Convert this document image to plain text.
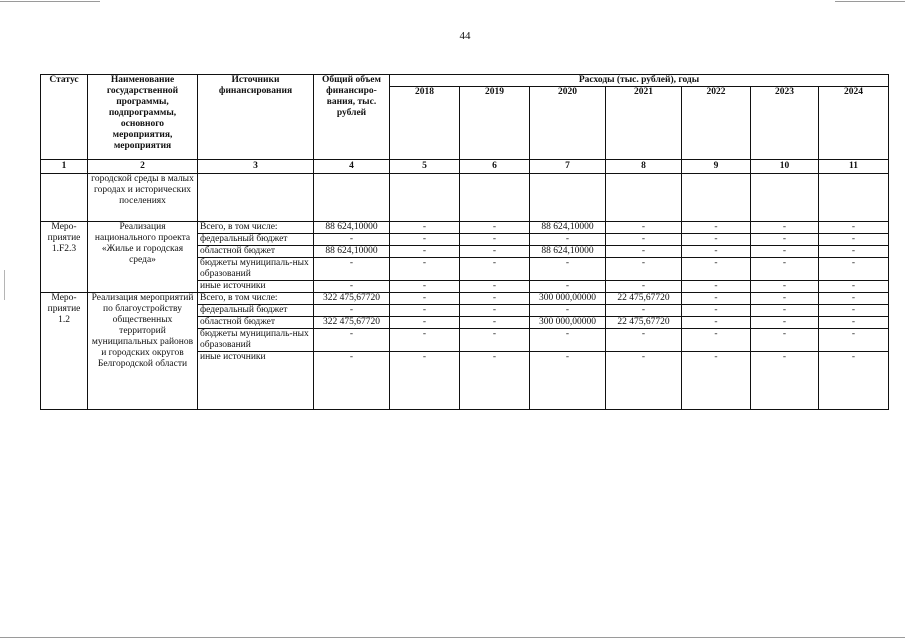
44
Статус	Наименование государственной программы, подпрограммы, основного мероприятия, мероприятия	Источники финансирования	Общий объем финансиро-вания, тыс. рублей	Расходы (тыс. рублей), годы						
				2018	2019	2020	2021	2022	2023	2024
1	2	3	4	5	6	7	8	9	10	11
	городской среды в малых городах и исторических поселениях									
Меро-приятие 1.F2.3	Реализация национального проекта «Жилье и городская среда»	Всего, в том числе:	88 624,10000	-	-	88 624,10000	-	-	-	-
		федеральный бюджет	-	-	-	-	-	-	-	-
		областной бюджет	88 624,10000	-	-	88 624,10000	-	-	-	-
		бюджеты муниципаль-ных образований	-	-	-	-	-	-	-	-
		иные источники	-	-	-	-	-	-	-	-
Меро-приятие 1.2	Реализация мероприятий по благоустройству общественных территорий муниципальных районов и городских округов Белгородской области	Всего, в том числе:	322 475,67720	-	-	300 000,00000	22 475,67720	-	-	-
		федеральный бюджет	-	-	-	-	-	-	-	-
		областной бюджет	322 475,67720	-	-	300 000,00000	22 475,67720	-	-	-
		бюджеты муниципаль-ных образований	-	-	-	-	-	-	-	-
		иные источники	-	-	-	-	-	-	-	-
